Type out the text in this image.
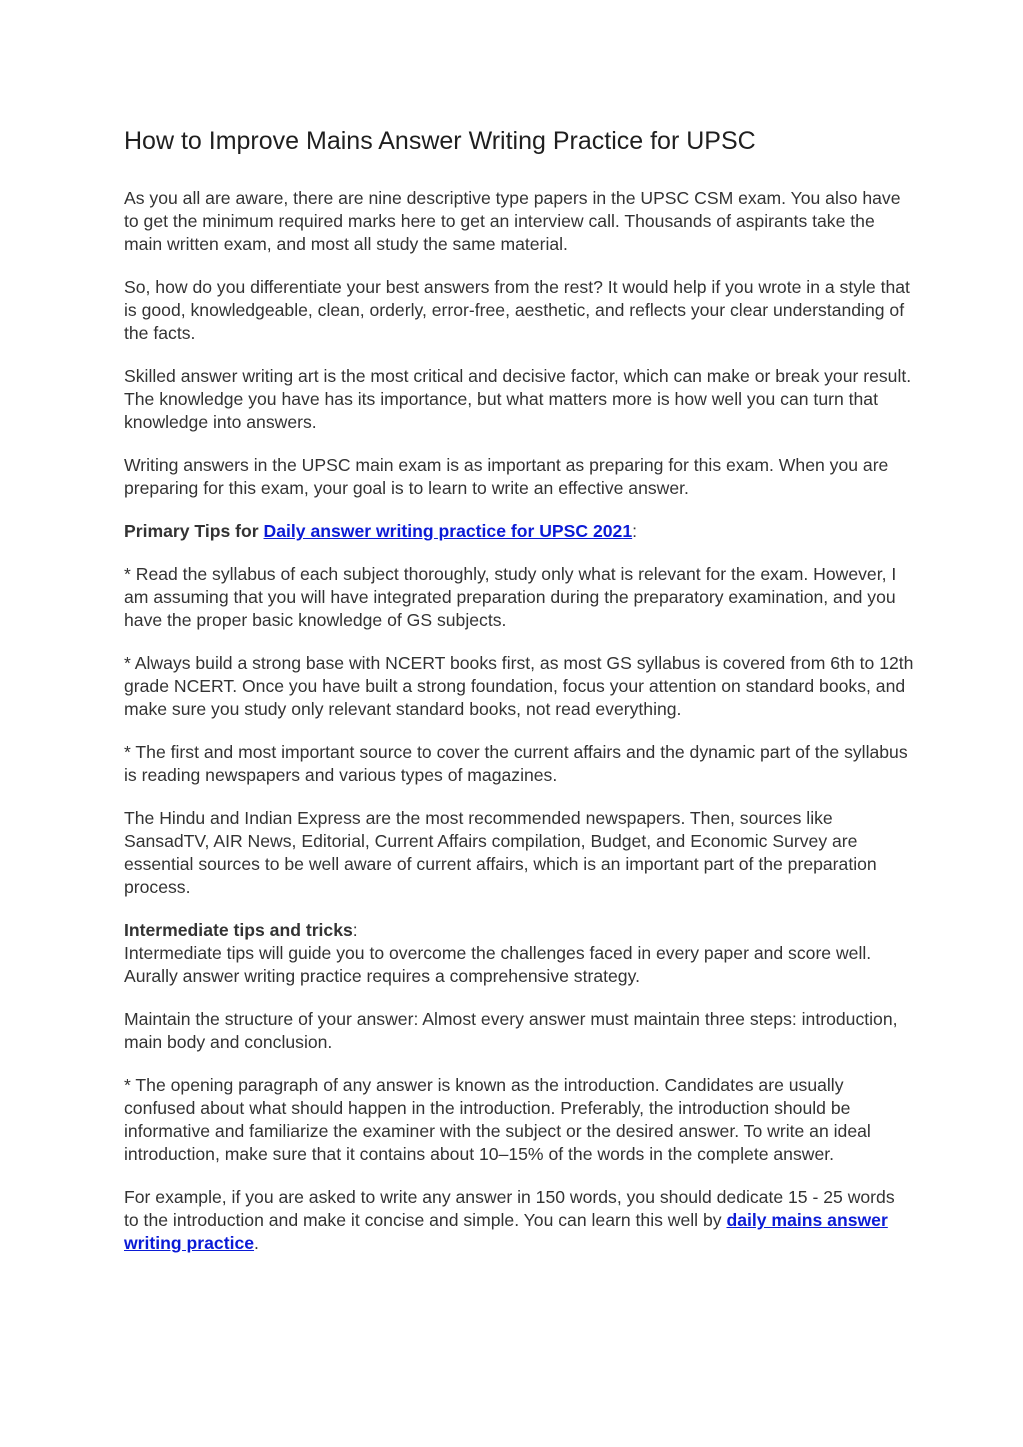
How to Improve Mains Answer Writing Practice for UPSC

As you all are aware, there are nine descriptive type papers in the UPSC CSM exam. You also have to get the minimum required marks here to get an interview call. Thousands of aspirants take the main written exam, and most all study the same material.

So, how do you differentiate your best answers from the rest? It would help if you wrote in a style that is good, knowledgeable, clean, orderly, error-free, aesthetic, and reflects your clear understanding of the facts.

Skilled answer writing art is the most critical and decisive factor, which can make or break your result. The knowledge you have has its importance, but what matters more is how well you can turn that knowledge into answers.

Writing answers in the UPSC main exam is as important as preparing for this exam. When you are preparing for this exam, your goal is to learn to write an effective answer.

Primary Tips for Daily answer writing practice for UPSC 2021:

* Read the syllabus of each subject thoroughly, study only what is relevant for the exam. However, I am assuming that you will have integrated preparation during the preparatory examination, and you have the proper basic knowledge of GS subjects.

* Always build a strong base with NCERT books first, as most GS syllabus is covered from 6th to 12th grade NCERT. Once you have built a strong foundation, focus your attention on standard books, and make sure you study only relevant standard books, not read everything.

* The first and most important source to cover the current affairs and the dynamic part of the syllabus is reading newspapers and various types of magazines.

The Hindu and Indian Express are the most recommended newspapers. Then, sources like SansadTV, AIR News, Editorial, Current Affairs compilation, Budget, and Economic Survey are essential sources to be well aware of current affairs, which is an important part of the preparation process.

Intermediate tips and tricks:

Intermediate tips will guide you to overcome the challenges faced in every paper and score well. Aurally answer writing practice requires a comprehensive strategy.

Maintain the structure of your answer: Almost every answer must maintain three steps: introduction, main body and conclusion.

* The opening paragraph of any answer is known as the introduction. Candidates are usually confused about what should happen in the introduction. Preferably, the introduction should be informative and familiarize the examiner with the subject or the desired answer. To write an ideal introduction, make sure that it contains about 10–15% of the words in the complete answer.

For example, if you are asked to write any answer in 150 words, you should dedicate 15 - 25 words to the introduction and make it concise and simple. You can learn this well by daily mains answer writing practice.
